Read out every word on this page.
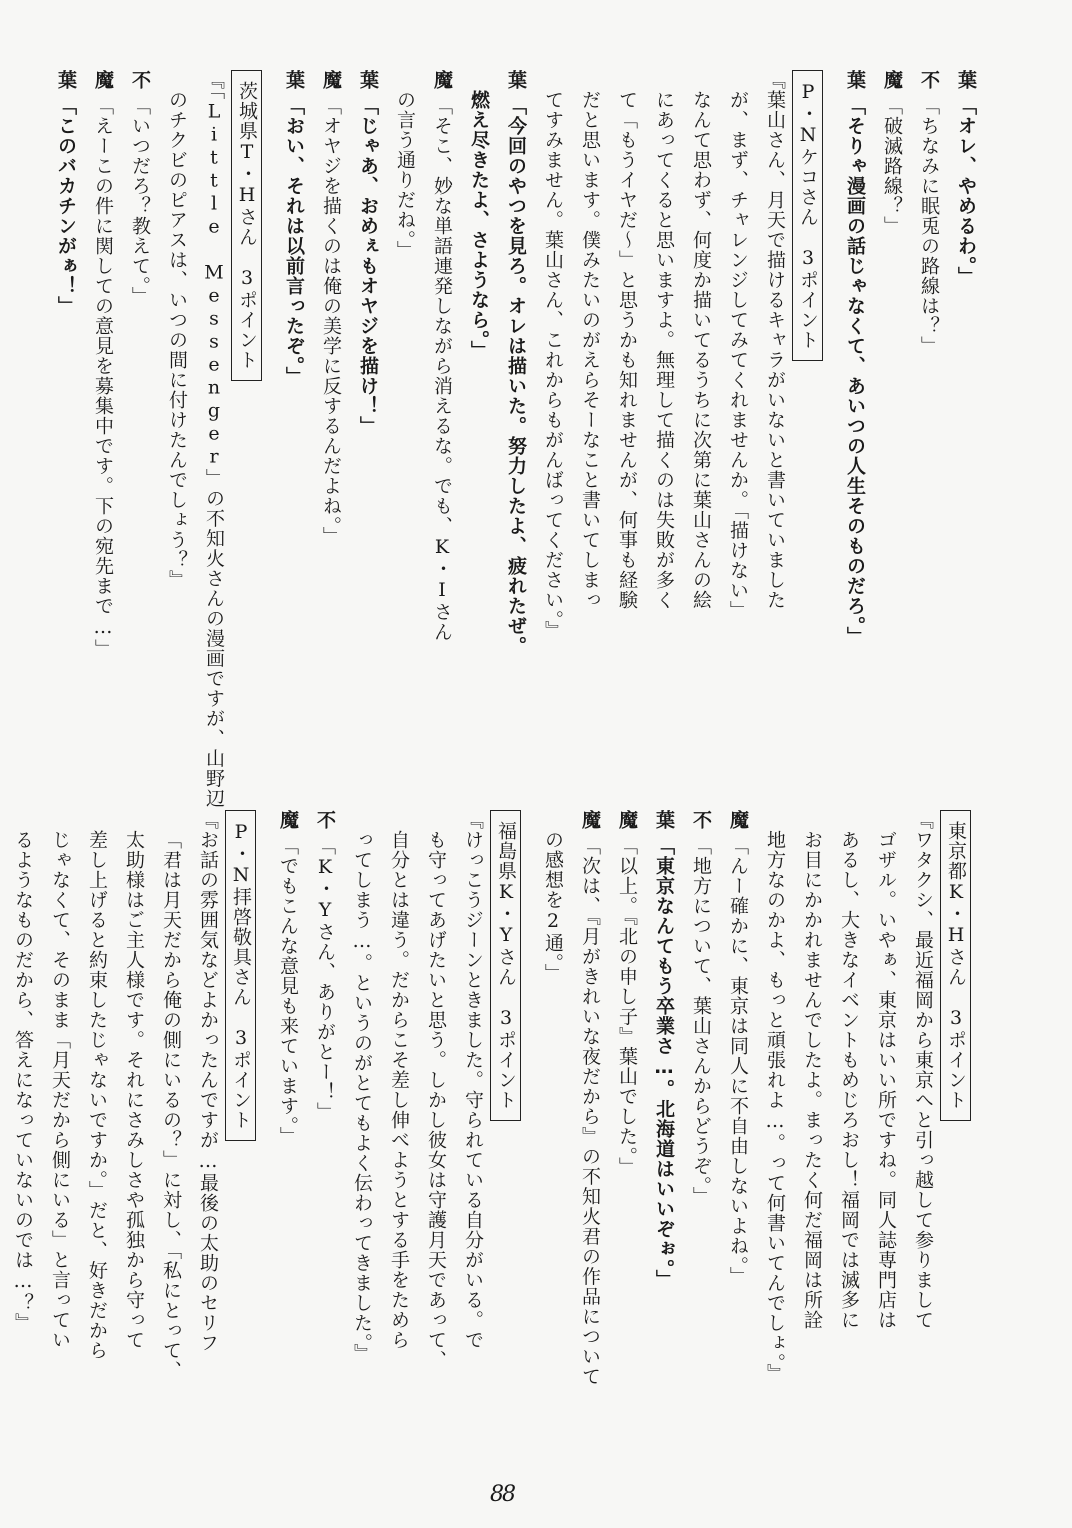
葉「オレ、やめるわ。」
不「ちなみに眠兎の路線は？」
魔「破滅路線？」
葉「そりゃ漫画の話じゃなくて、あいつの人生そのものだろ。」
P・Nケコさん　3ポイント
『葉山さん、月天で描けるキャラがいないと書いていました
が、まず、チャレンジしてみてくれませんか。「描けない」
なんて思わず、何度か描いてるうちに次第に葉山さんの絵
にあってくると思いますよ。無理して描くのは失敗が多く
て「もうイヤだ〜」と思うかも知れませんが、何事も経験
だと思います。僕みたいのがえらそーなこと書いてしまっ
てすみません。葉山さん、これからもがんばってください。』
葉「今回のやつを見ろ。オレは描いた。努力したよ、疲れたぜ。
燃え尽きたよ、さようなら。」
魔「そこ、妙な単語連発しながら消えるな。でも、K・Iさん
の言う通りだね。」
葉「じゃあ、おめぇもオヤジを描け！」
魔「オヤジを描くのは俺の美学に反するんだよね。」
葉「おい、それは以前言ったぞ。」
茨城県T・Hさん　3ポイント
『「Little Messenger」の不知火さんの漫画ですが、山野辺
のチクビのピアスは、いつの間に付けたんでしょう？』
不「いつだろ？教えて。」
魔「えーこの件に関しての意見を募集中です。下の宛先まで…」
葉「このバカチンがぁ！」
東京都K・Hさん　3ポイント
『ワタクシ、最近福岡から東京へと引っ越して参りまして
ゴザル。いやぁ、東京はいい所ですね。同人誌専門店は
あるし、大きなイベントもめじろおし！福岡では滅多に
お目にかかれませんでしたよ。まったく何だ福岡は所詮
地方なのかよ、もっと頑張れよ…。って何書いてんでしょ。』
魔「んー確かに、東京は同人に不自由しないよね。」
不「地方について、葉山さんからどうぞ。」
葉「東京なんてもう卒業さ…。北海道はいいぞぉ。」
魔「以上。『北の申し子』葉山でした。」
魔「次は、『月がきれいな夜だから』の不知火君の作品について
の感想を2通。」
福島県K・Yさん　3ポイント
『けっこうジーンときました。守られている自分がいる。で
も守ってあげたいと思う。しかし彼女は守護月天であって、
自分とは違う。だからこそ差し伸べようとする手をためら
ってしまう…。というのがとてもよく伝わってきました。』
不「K・Yさん、ありがとー！」
魔「でもこんな意見も来ています。」
P・N拝啓敬具さん　3ポイント
『お話の雰囲気などよかったんですが…最後の太助のセリフ
「君は月天だから俺の側にいるの？」に対し、「私にとって、
太助様はご主人様です。それにさみしさや孤独から守って
差し上げると約束したじゃないですか。」だと、好きだから
じゃなくて、そのまま「月天だから側にいる」と言ってい
るようなものだから、答えになっていないのでは…？』
88
